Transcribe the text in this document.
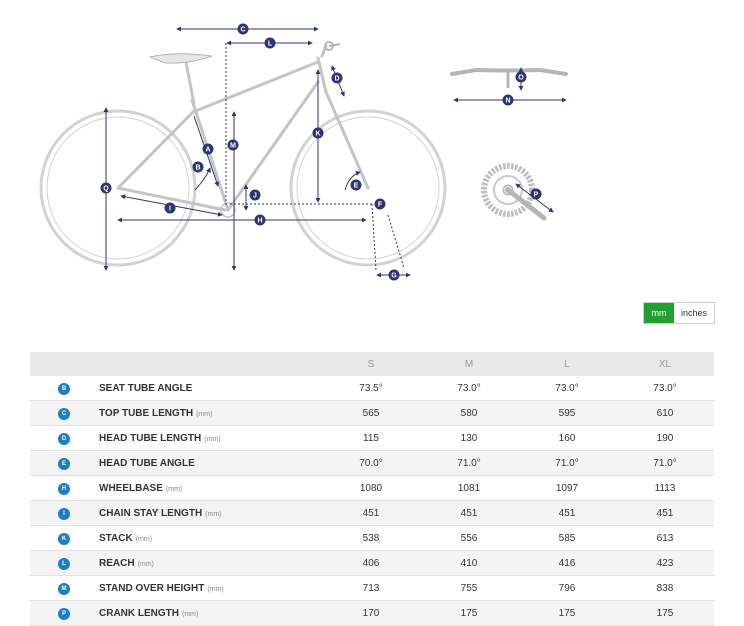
C
L
D
K
M
A
B
Q
I
J
H
E
F
G
O
N
P
mm	inches
		S	M	L	XL
B	SEAT TUBE ANGLE	73.5°	73.0°	73.0°	73.0°
C	TOP TUBE LENGTH (mm)	565	580	595	610
D	HEAD TUBE LENGTH (mm)	115	130	160	190
E	HEAD TUBE ANGLE	70.0°	71.0°	71.0°	71.0°
H	WHEELBASE (mm)	1080	1081	1097	1113
I	CHAIN STAY LENGTH (mm)	451	451	451	451
K	STACK (mm)	538	556	585	613
L	REACH (mm)	406	410	416	423
M	STAND OVER HEIGHT (mm)	713	755	796	838
P	CRANK LENGTH (mm)	170	175	175	175
